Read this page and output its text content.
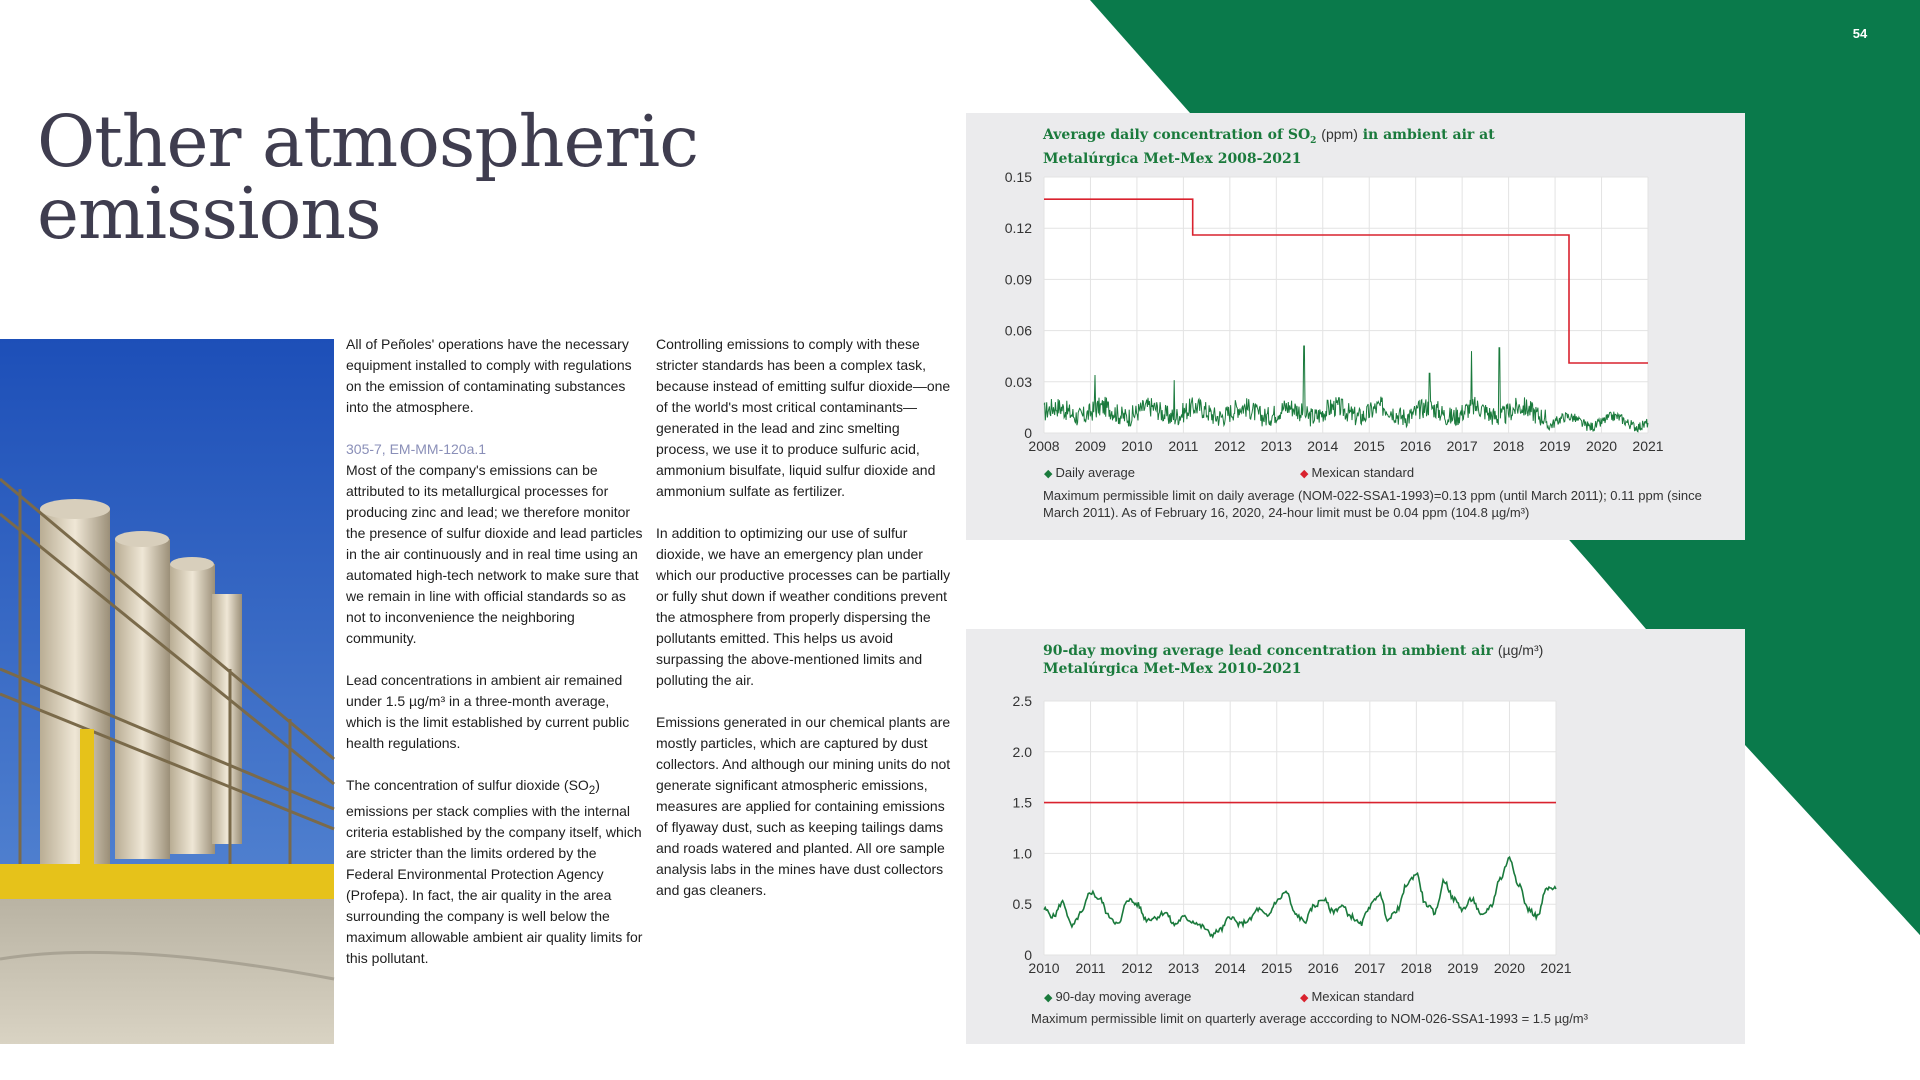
54
Other atmospheric emissions

All of Peñoles' operations have the necessary equipment installed to comply with regulations on the emission of contaminating substances into the atmosphere.

305-7, EM-MM-120a.1
Most of the company's emissions can be attributed to its metallurgical processes for producing zinc and lead; we therefore monitor the presence of sulfur dioxide and lead particles in the air continuously and in real time using an automated high-tech network to make sure that we remain in line with official standards so as not to inconvenience the neighboring community.

Lead concentrations in ambient air remained under 1.5 µg/m³ in a three-month average, which is the limit established by current public health regulations.

The concentration of sulfur dioxide $(SO_2)$ emissions per stack complies with the internal criteria established by the company itself, which are stricter than the limits ordered by the Federal Environmental Protection Agency (Profepa). In fact, the air quality in the area surrounding the company is well below the maximum allowable ambient air quality limits for this pollutant.

Controlling emissions to comply with these stricter standards has been a complex task, because instead of emitting sulfur dioxide—one of the world's most critical contaminants—generated in the lead and zinc smelting process, we use it to produce sulfuric acid, ammonium bisulfate, liquid sulfur dioxide and ammonium sulfate as fertilizer.

In addition to optimizing our use of sulfur dioxide, we have an emergency plan under which our productive processes can be partially or fully shut down if weather conditions prevent the atmosphere from properly dispersing the pollutants emitted. This helps us avoid surpassing the above-mentioned limits and polluting the air.

Emissions generated in our chemical plants are mostly particles, which are captured by dust collectors. And although our mining units do not generate significant atmospheric emissions, measures are applied for containing emissions of flyaway dust, such as keeping tailings dams and roads watered and planted. All ore sample analysis labs in the mines have dust collectors and gas cleaners.

Average daily concentration of $SO_2$ (ppm) in ambient air at
Metalúrgica Met-Mex 2008-2021
2008 2009 2010 2011 2012 2013 2014 2015 2016 2017 2018 2019 2020 2021
0.15
0.12
0.09
0.06
0.03
0
◆ Daily average	◆ Mexican standard
Maximum permissible limit on daily average (NOM-022-SSA1-1993)=0.13 ppm (until March 2011); 0.11 ppm (since March 2011). As of February 16, 2020, 24-hour limit must be 0.04 ppm (104.8 µg/m³)
90-day moving average lead concentration in ambient air (µg/m³)
Metalúrgica Met-Mex 2010-2021
2010 2011 2012 2013 2014 2015 2016 2017 2018 2019 2020 2021
2.5
2.0
1.5
1.0
0.5
0
◆ 90-day moving average	◆ Mexican standard
Maximum permissible limit on quarterly average acccording to NOM-026-SSA1-1993 = 1.5 µg/m³
